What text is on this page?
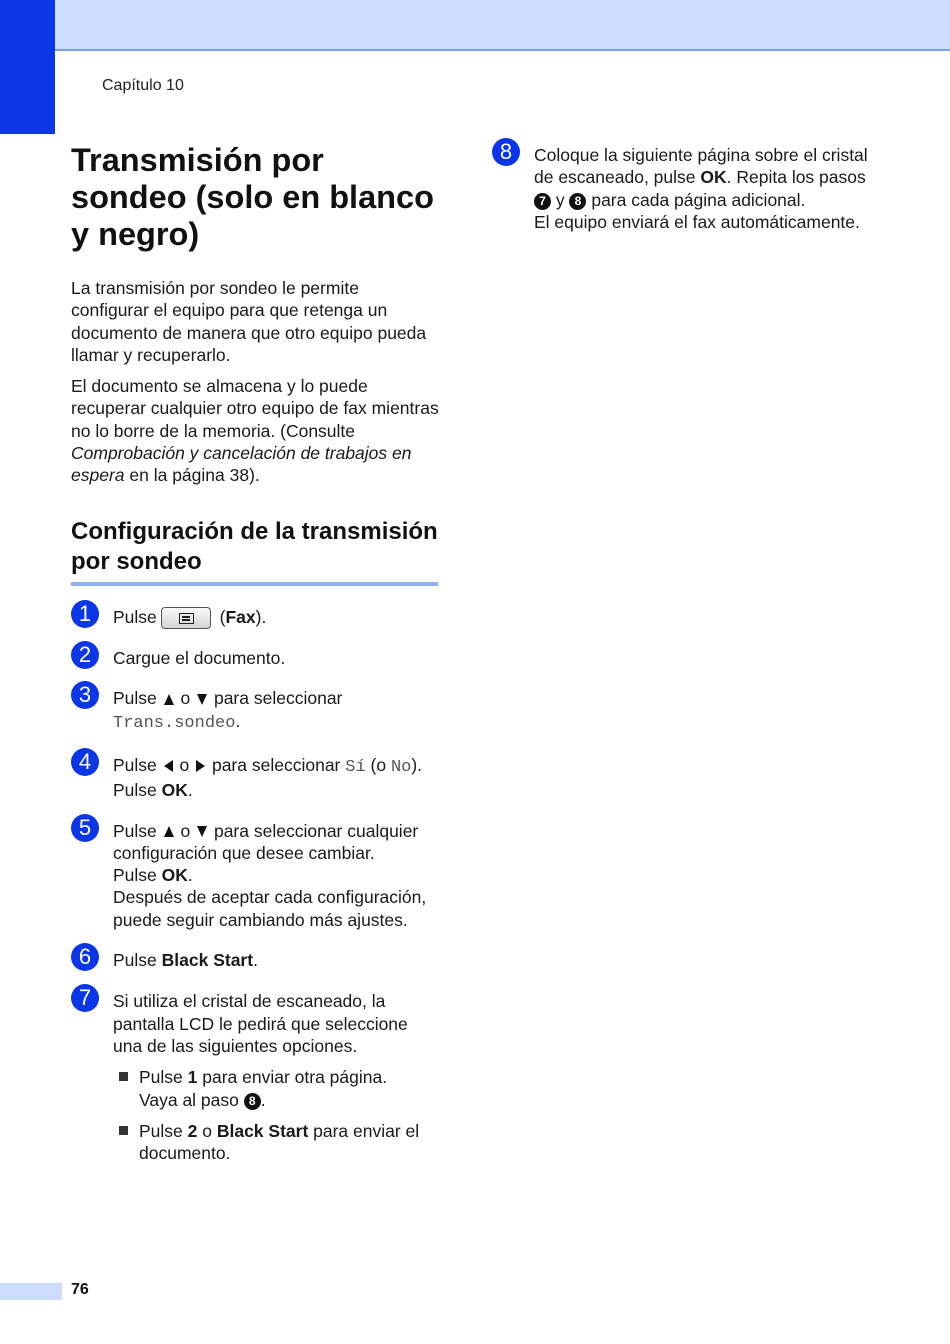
Capítulo 10
Transmisión por sondeo (solo en blanco y negro)

La transmisión por sondeo le permite configurar el equipo para que retenga un documento de manera que otro equipo pueda llamar y recuperarlo.

El documento se almacena y lo puede recuperar cualquier otro equipo de fax mientras no lo borre de la memoria. (Consulte Comprobación y cancelación de trabajos en espera en la página 38).

Configuración de la transmisión por sondeo
1	Pulse	(Fax).
2	Cargue el documento.
3	Pulse  o  para seleccionar
Trans.sondeo.
4	Pulse  o  para seleccionar Sí (o No).
Pulse OK.
5	Pulse  o  para seleccionar cualquier configuración que desee cambiar.
Pulse OK.
Después de aceptar cada configuración, puede seguir cambiando más ajustes.
6	Pulse Black Start.
7	Si utiliza el cristal de escaneado, la pantalla LCD le pedirá que seleccione una de las siguientes opciones.
Pulse 1 para enviar otra página.
Vaya al paso 8 .
Pulse 2 o Black Start para enviar el documento.
8	Coloque la siguiente página sobre el cristal de escaneado, pulse OK. Repita los pasos 7 y 8 para cada página adicional.
El equipo enviará el fax automáticamente.
76
